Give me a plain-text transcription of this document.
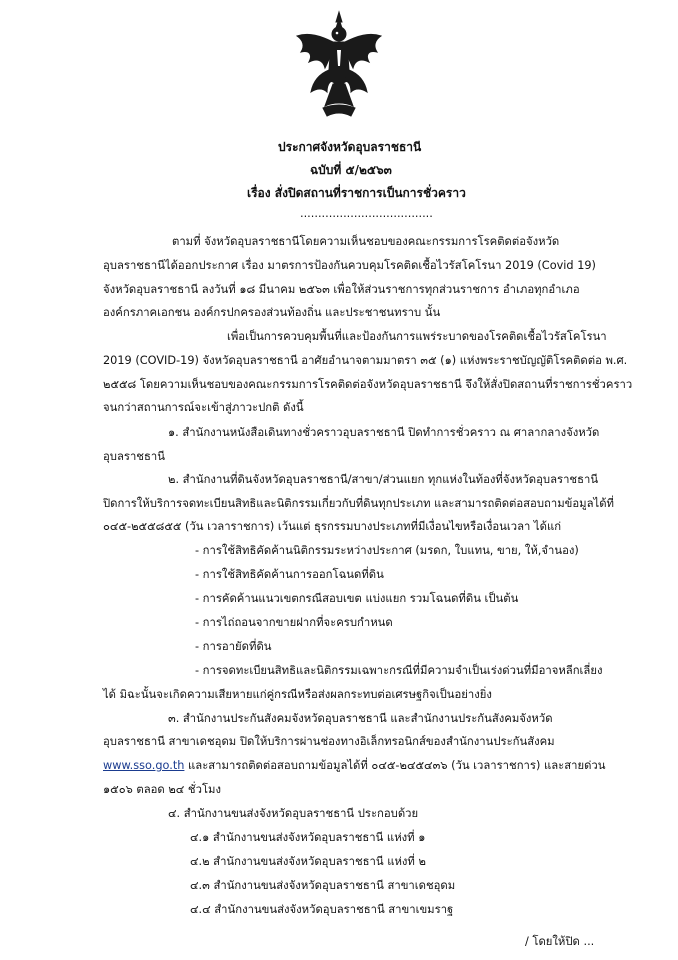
ประกาศจังหวัดอุบลราชธานี
ฉบับที่ ๕/๒๕๖๓
เรื่อง สั่งปิดสถานที่ราชการเป็นการชั่วคราว
.....................................
ตามที่ จังหวัดอุบลราชธานีโดยความเห็นชอบของคณะกรรมการโรคติดต่อจังหวัด
อุบลราชธานีได้ออกประกาศ เรื่อง มาตรการป้องกันควบคุมโรคติดเชื้อไวรัสโคโรนา 2019 (Covid 19)
จังหวัดอุบลราชธานี ลงวันที่ ๑๘ มีนาคม ๒๕๖๓ เพื่อให้ส่วนราชการทุกส่วนราชการ อำเภอทุกอำเภอ
องค์กรภาคเอกชน องค์กรปกครองส่วนท้องถิ่น และประชาชนทราบ นั้น
เพื่อเป็นการควบคุมพื้นที่และป้องกันการแพร่ระบาดของโรคติดเชื้อไวรัสโคโรนา
2019 (COVID-19) จังหวัดอุบลราชธานี อาศัยอำนาจตามมาตรา ๓๕ (๑) แห่งพระราชบัญญัติโรคติดต่อ พ.ศ.
๒๕๕๘ โดยความเห็นชอบของคณะกรรมการโรคติดต่อจังหวัดอุบลราชธานี จึงให้สั่งปิดสถานที่ราชการชั่วคราว
จนกว่าสถานการณ์จะเข้าสู่ภาวะปกติ ดังนี้
๑. สำนักงานหนังสือเดินทางชั่วคราวอุบลราชธานี ปิดทำการชั่วคราว ณ ศาลากลางจังหวัด
อุบลราชธานี
๒. สำนักงานที่ดินจังหวัดอุบลราชธานี/สาขา/ส่วนแยก ทุกแห่งในท้องที่จังหวัดอุบลราชธานี
ปิดการให้บริการจดทะเบียนสิทธิและนิติกรรมเกี่ยวกับที่ดินทุกประเภท และสามารถติดต่อสอบถามข้อมูลได้ที่
๐๔๕-๒๕๕๘๕๕ (วัน เวลาราชการ) เว้นแต่ ธุรกรรมบางประเภทที่มีเงื่อนไขหรือเงื่อนเวลา ได้แก่
- การใช้สิทธิคัดค้านนิติกรรมระหว่างประกาศ (มรดก, ใบแทน, ขาย, ให้,จำนอง)
- การใช้สิทธิคัดค้านการออกโฉนดที่ดิน
- การคัดค้านแนวเขตกรณีสอบเขต แบ่งแยก รวมโฉนดที่ดิน เป็นต้น
- การไถ่ถอนจากขายฝากที่จะครบกำหนด
- การอายัดที่ดิน
- การจดทะเบียนสิทธิและนิติกรรมเฉพาะกรณีที่มีความจำเป็นเร่งด่วนที่มีอาจหลีกเลี่ยง
ได้ มิฉะนั้นจะเกิดความเสียหายแก่คู่กรณีหรือส่งผลกระทบต่อเศรษฐกิจเป็นอย่างยิ่ง
๓. สำนักงานประกันสังคมจังหวัดอุบลราชธานี และสำนักงานประกันสังคมจังหวัด
อุบลราชธานี สาขาเดชอุดม ปิดให้บริการผ่านช่องทางอิเล็กทรอนิกส์ของสำนักงานประกันสังคม
www.sso.go.th และสามารถติดต่อสอบถามข้อมูลได้ที่ ๐๔๕-๒๔๕๔๓๖ (วัน เวลาราชการ) และสายด่วน
๑๕๐๖ ตลอด ๒๔ ชั่วโมง
๔. สำนักงานขนส่งจังหวัดอุบลราชธานี ประกอบด้วย
๔.๑ สำนักงานขนส่งจังหวัดอุบลราชธานี แห่งที่ ๑
๔.๒ สำนักงานขนส่งจังหวัดอุบลราชธานี แห่งที่ ๒
๔.๓ สำนักงานขนส่งจังหวัดอุบลราชธานี สาขาเดชอุดม
๔.๔ สำนักงานขนส่งจังหวัดอุบลราชธานี สาขาเขมราฐ
/ โดยให้ปิด ...
